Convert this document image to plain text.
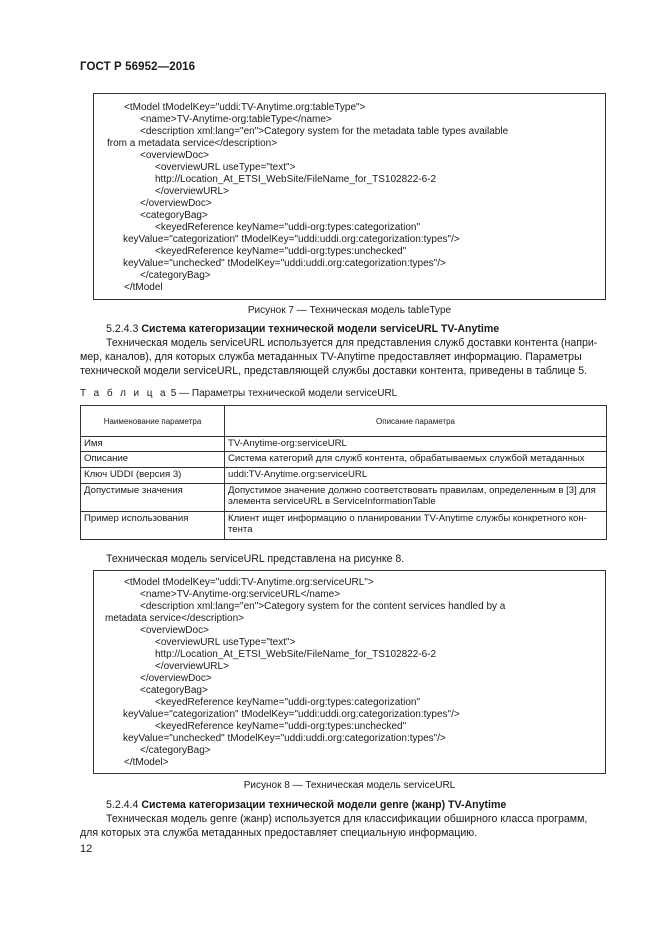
ГОСТ Р 56952—2016
<tModel tModelKey="uddi:TV-Anytime.org:tableType">
<name>TV-Anytime-org:tableType</name>
<description xml:lang="en">Category system for the metadata table types available
from a metadata service</description>
<overviewDoc>
<overviewURL useType="text">
http://Location_At_ETSI_WebSite/FileName_for_TS102822-6-2
</overviewURL>
</overviewDoc>
<categoryBag>
<keyedReference keyName="uddi-org:types:categorization"
keyValue="categorization" tModelKey="uddi:uddi.org:categorization:types"/>
<keyedReference keyName="uddi-org:types:unchecked"
keyValue="unchecked" tModelKey="uddi:uddi.org:categorization:types"/>
</categoryBag>
</tModel
Рисунок 7 — Техническая модель tableType
5.2.4.3 Система категоризации технической модели serviceURL TV-Anytime
Техническая модель serviceURL используется для представления служб доставки контента (напри-
мер, каналов), для которых служба метаданных TV-Anytime предоставляет информацию. Параметры
технической модели serviceURL, представляющей службы доставки контента, приведены в таблице 5.
Т а б л и ц а 5 — Параметры технической модели serviceURL
Наименование параметра	Описание параметра
Имя	TV-Anytime-org:serviceURL
Описание	Система категорий для служб контента, обрабатываемых службой метаданных
Ключ UDDI (версия 3)	uddi:TV-Anytime.org:serviceURL
Допустимые значения	Допустимое значение должно соответствовать правилам, определенным в [3] для элемента serviceURL в ServiceInformationTable
Пример использования	Клиент ищет информацию о планировании TV-Anytime службы конкретного кон-тента
Техническая модель serviceURL представлена на рисунке 8.
<tModel tModelKey="uddi:TV-Anytime.org:serviceURL">
<name>TV-Anytime-org:serviceURL</name>
<description xml:lang="en">Category system for the content services handled by a
metadata service</description>
<overviewDoc>
<overviewURL useType="text">
http://Location_At_ETSI_WebSite/FileName_for_TS102822-6-2
</overviewURL>
</overviewDoc>
<categoryBag>
<keyedReference keyName="uddi-org:types:categorization"
keyValue="categorization" tModelKey="uddi:uddi.org:categorization:types"/>
<keyedReference keyName="uddi-org:types:unchecked"
keyValue="unchecked" tModelKey="uddi:uddi.org:categorization:types"/>
</categoryBag>
</tModel>
Рисунок 8 — Техническая модель serviceURL
5.2.4.4 Система категоризации технической модели genre (жанр) TV-Anytime
Техническая модель genre (жанр) используется для классификации обширного класса программ,
для которых эта служба метаданных предоставляет специальную информацию.
12
